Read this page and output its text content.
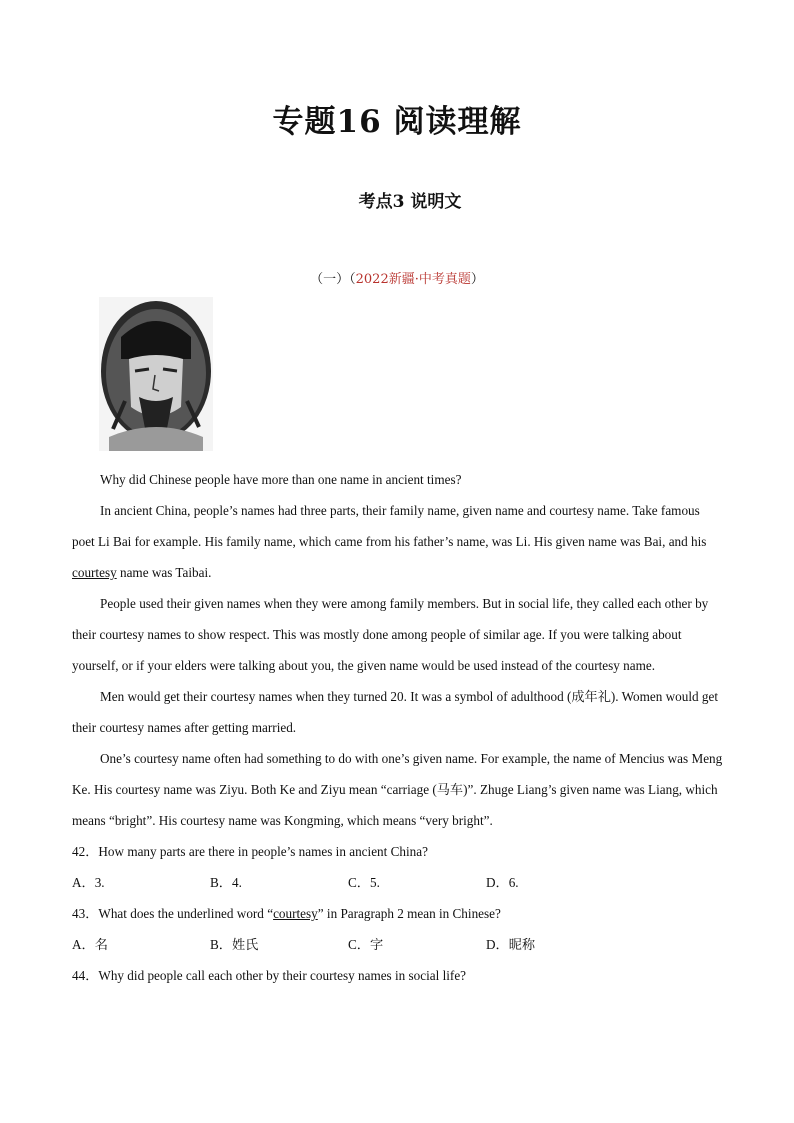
专题16 阅读理解
考点3 说明文
（一）（2022新疆·中考真题）

Why did Chinese people have more than one name in ancient times?

In ancient China, people’s names had three parts, their family name, given name and courtesy name. Take famous poet Li Bai for example. His family name, which came from his father’s name, was Li. His given name was Bai, and his courtesy name was Taibai.

People used their given names when they were among family members. But in social life, they called each other by their courtesy names to show respect. This was mostly done among people of similar age. If you were talking about yourself, or if your elders were talking about you, the given name would be used instead of the courtesy name.

Men would get their courtesy names when they turned 20. It was a symbol of adulthood (成年礼). Women would get their courtesy names after getting married.

One’s courtesy name often had something to do with one’s given name. For example, the name of Mencius was Meng Ke. His courtesy name was Ziyu. Both Ke and Ziyu mean “carriage (马车)”. Zhuge Liang’s given name was Liang, which means “bright”. His courtesy name was Kongming, which means “very bright”.

42．How many parts are there in people’s names in ancient China?

A．3.	B．4.	C．5.	D．6.

43．What does the underlined word “courtesy” in Paragraph 2 mean in Chinese?

A．名	B．姓氏	C．字	D．昵称

44．Why did people call each other by their courtesy names in social life?
